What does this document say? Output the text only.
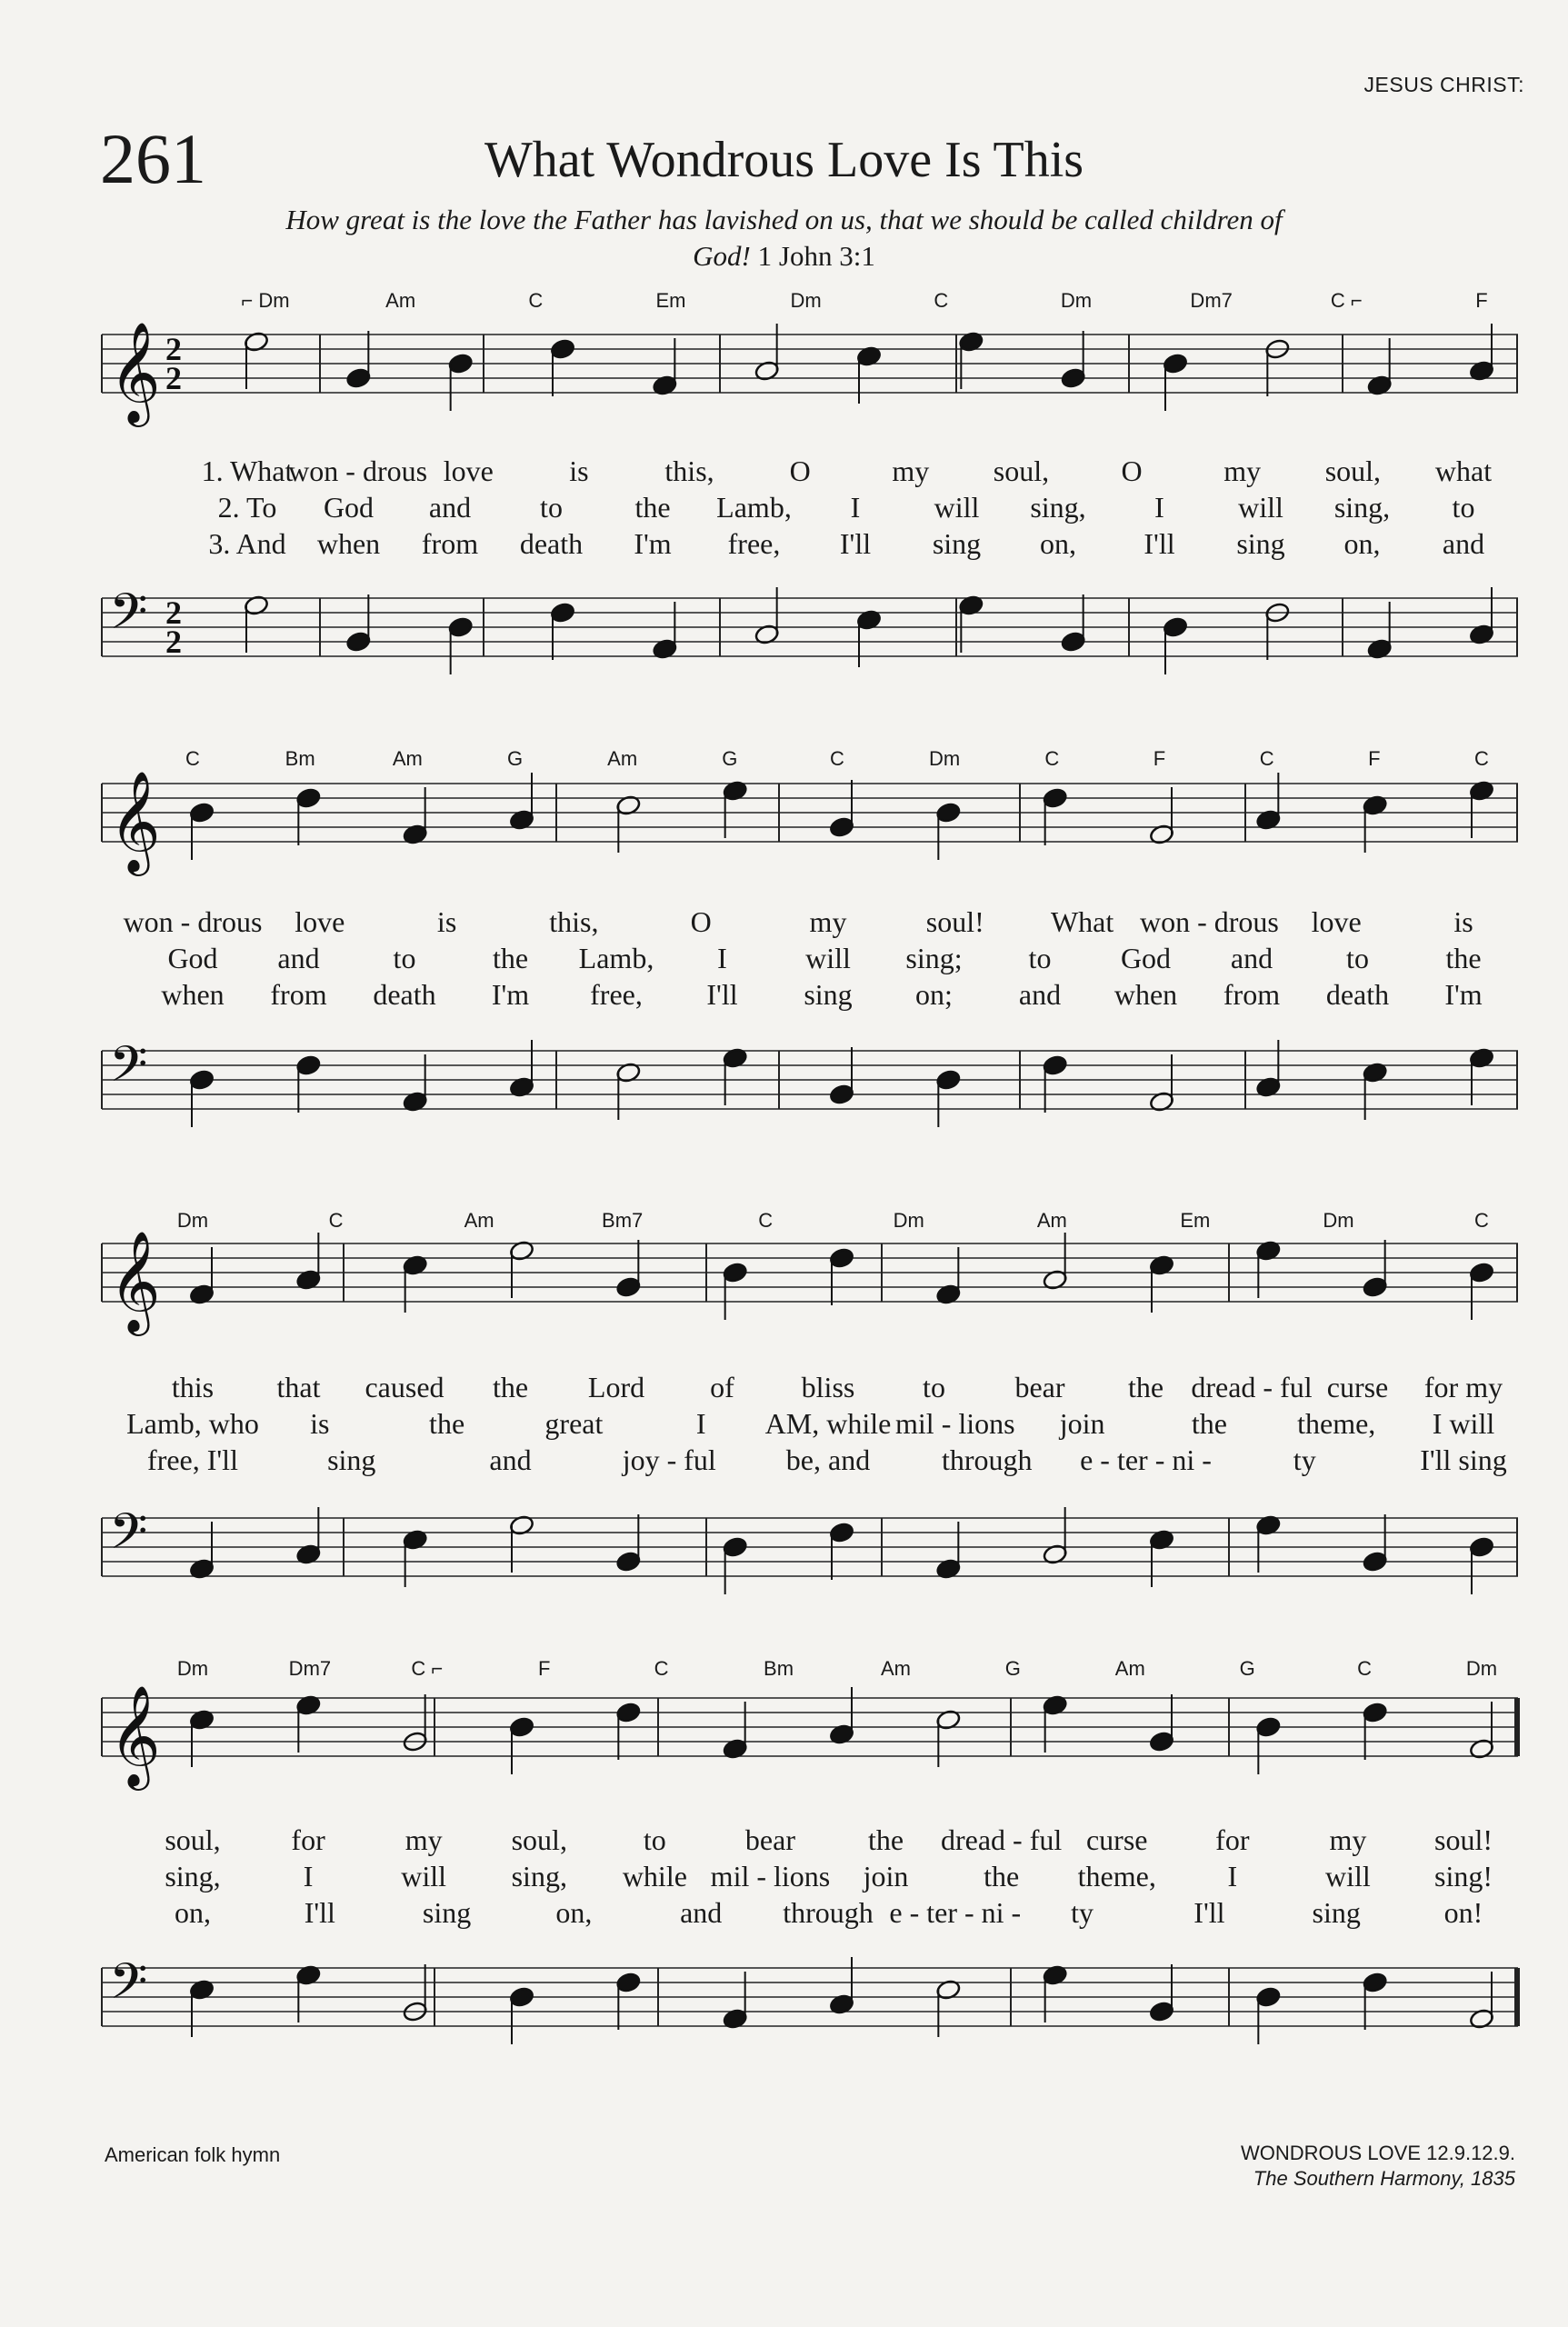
JESUS CHRIST:
261	What Wondrous Love Is This
How great is the love the Father has lavished on us, that we should be called children of God! 1 John 3:1
⌐ Dm	Am	C	Em	Dm	C	Dm	Dm7	C ⌐	F
𝄞 2
2
1. What
won - drous love	is	this,	O	my soul, O	my soul, what
2. To God and to the Lamb, I	will sing, I	will sing, to
3. And when from death I'm free, I'll sing on, I'll sing on, and
𝄢 2
2
C	Bm	Am	G	Am	G	C	Dm	C	F	C	F	C
𝄞
won - drous love	is	this,	O	my	soul! What won - drous love	is
God and	to	the Lamb, I	will sing; to God and	to	the
when from death I'm free, I'll sing on; and when from death I'm
𝄢
Dm	C	Am	Bm7	C	Dm	Am	Em	Dm	C
𝄞
this that caused the Lord of bliss to bear the dread - ful curse for my
Lamb, who is	the	great	I AM, while mil - lions join	the theme, I will
free, I'll	sing	and	joy - ful be, and through e - ter - ni -	ty	I'll sing
𝄢
Dm	Dm7	C ⌐	F	C	Bm	Am	G	Am	G	C	Dm
𝄞
soul, for	my soul,	to	bear	the dread - ful curse for	my soul!
sing,	I	will sing, while mil - lions join	the theme, I	will sing!
on,	I'll	sing	on,	and through e - ter - ni - ty	I'll	sing	on!
𝄢
American folk hymn	WONDROUS LOVE 12.9.12.9.
The Southern Harmony, 1835
